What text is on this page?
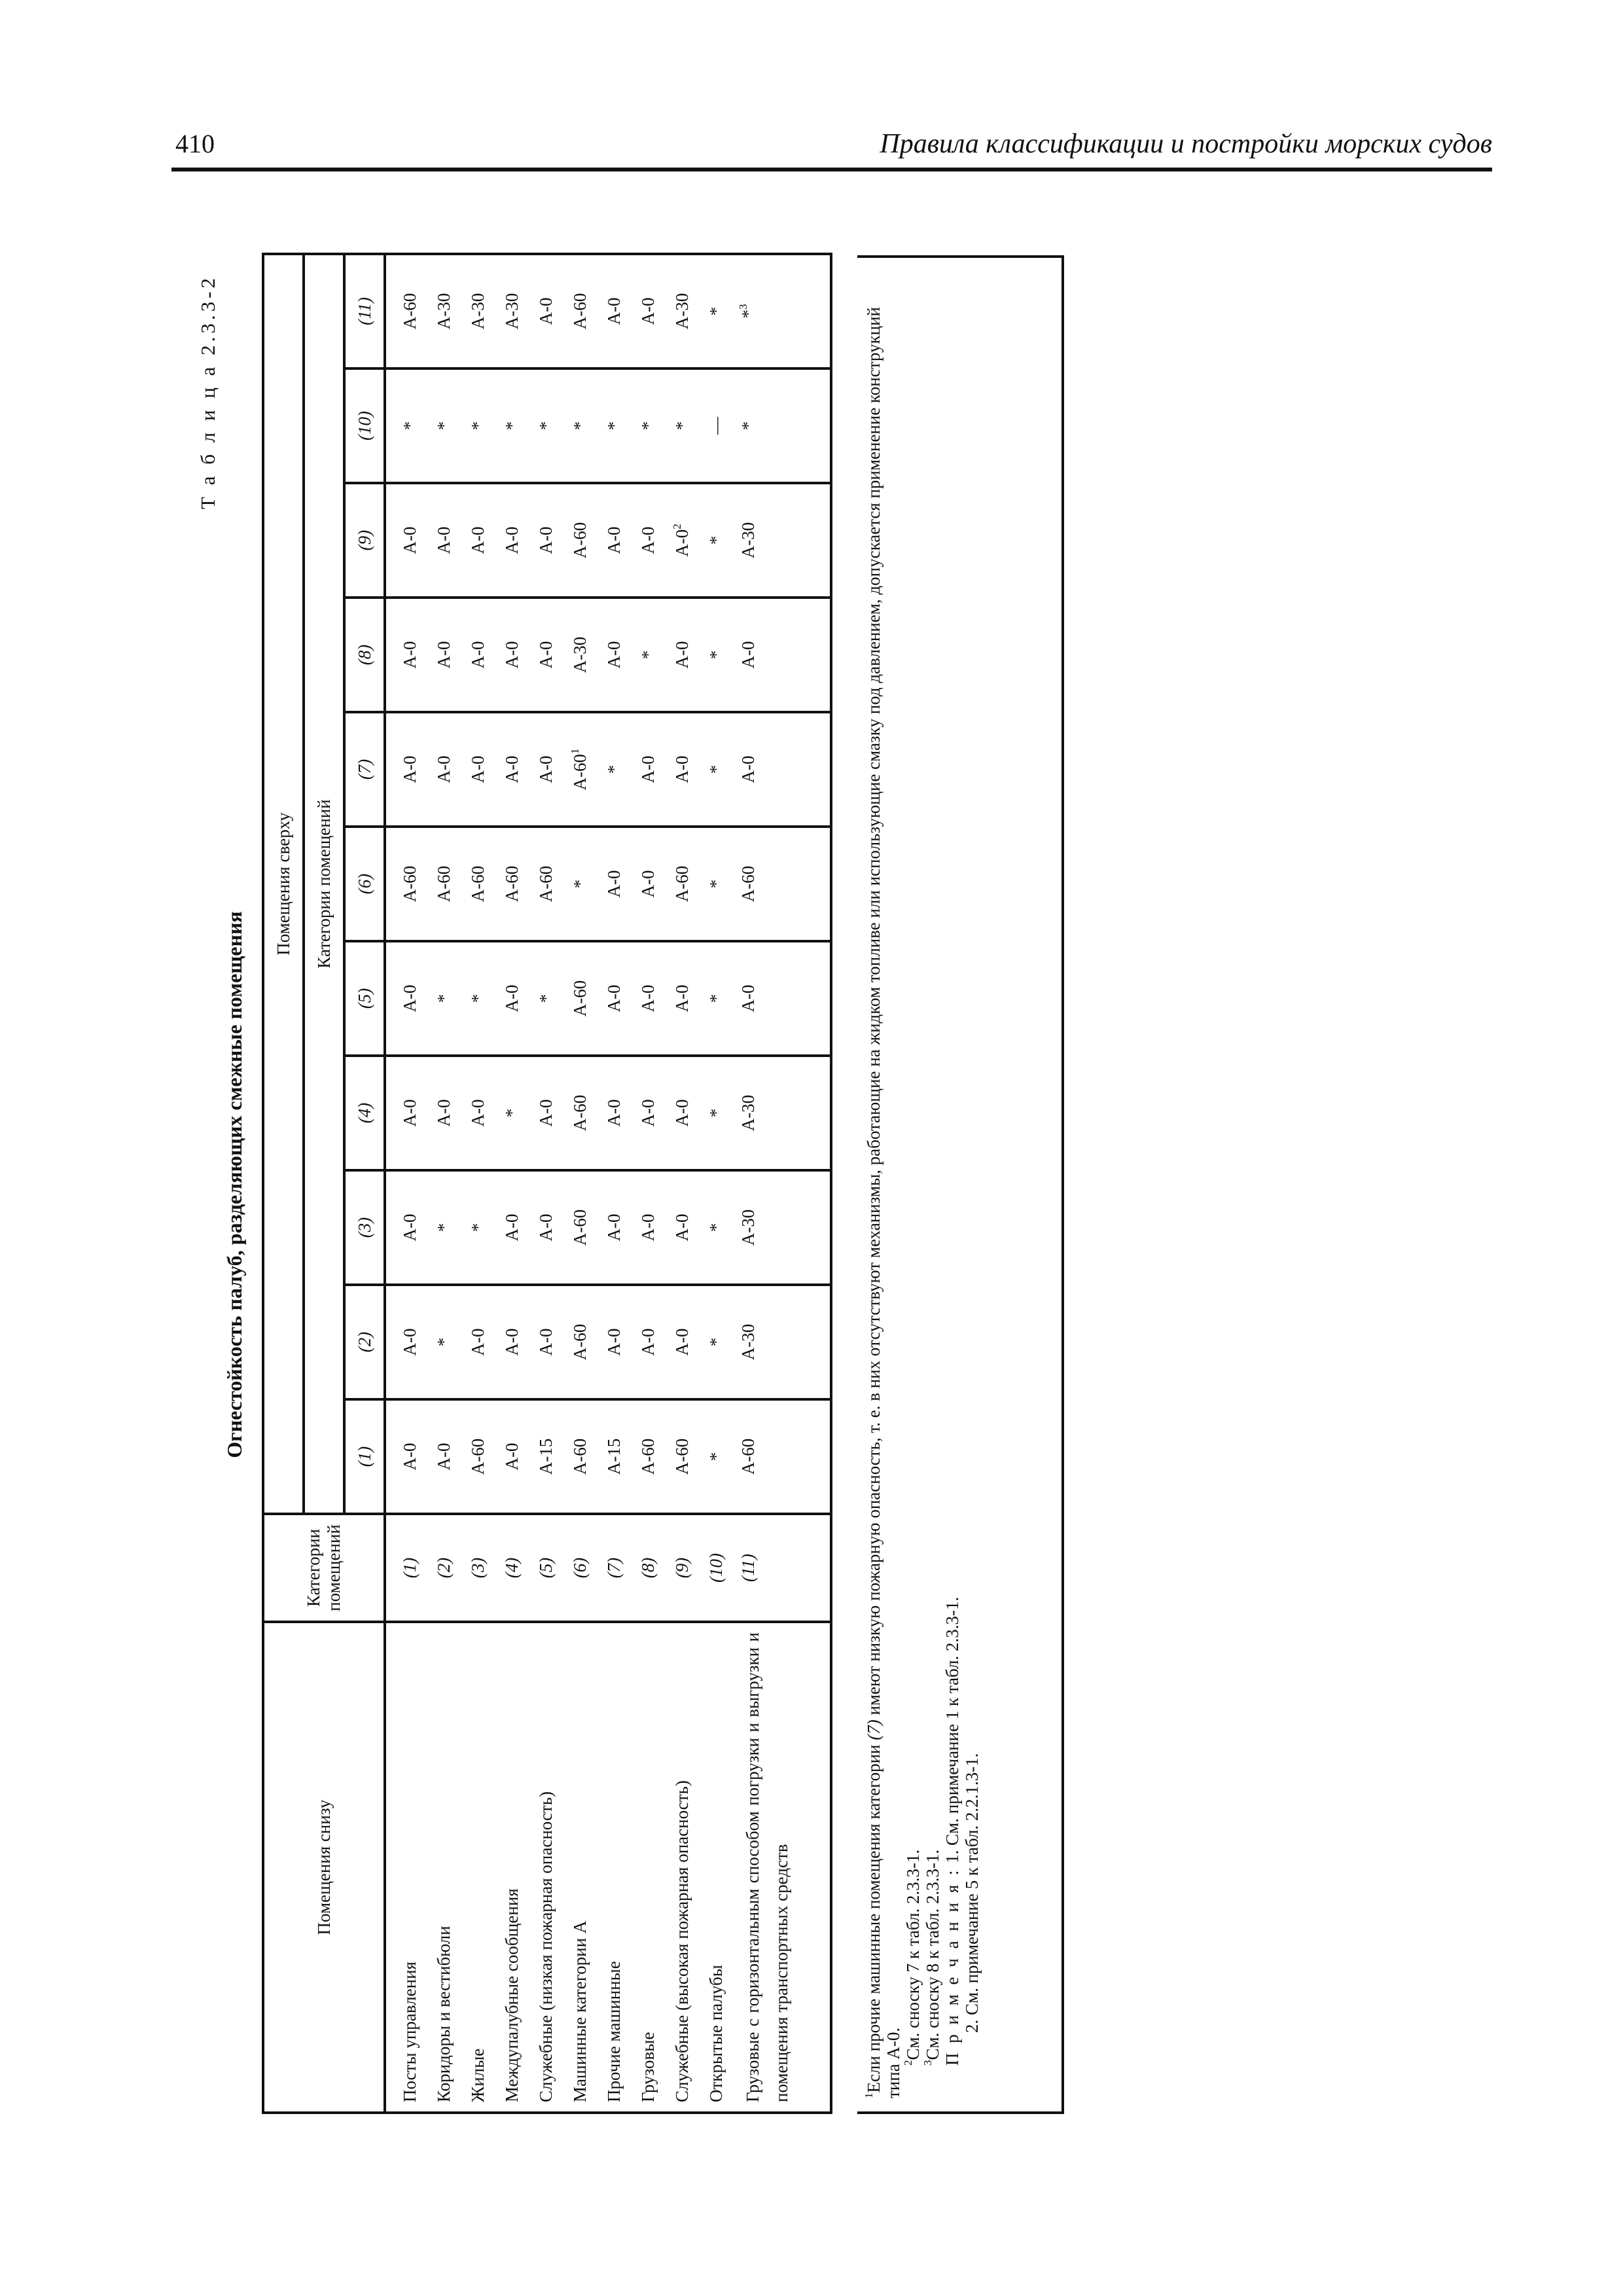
410	Правила классификации и постройки морских судов
Т а б л и ц а 2.3.3-2
Огнестойкость палуб, разделяющих смежные помещения
Помещения снизу	Категории помещений	Помещения сверху										
		Категории помещений										
		(1)	(2)	(3)	(4)	(5)	(6)	(7)	(8)	(9)	(10)	(11)
Посты управления	(1)	A-0	A-0	A-0	A-0	A-0	A-60	A-0	A-0	A-0	*	A-60
Коридоры и вестибюли	(2)	A-0	*	*	A-0	*	A-60	A-0	A-0	A-0	*	A-30
Жилые	(3)	A-60	A-0	*	A-0	*	A-60	A-0	A-0	A-0	*	A-30
Междупалубные сообщения	(4)	A-0	A-0	A-0	*	A-0	A-60	A-0	A-0	A-0	*	A-30
Служебные (низкая пожарная опасность)	(5)	A-15	A-0	A-0	A-0	*	A-60	A-0	A-0	A-0	*	A-0
Машинные категории А	(6)	A-60	A-60	A-60	A-60	A-60	*	$A-60^1$	A-30	A-60	*	A-60
Прочие машинные	(7)	A-15	A-0	A-0	A-0	A-0	A-0	*	A-0	A-0	*	A-0
Грузовые	(8)	A-60	A-0	A-0	A-0	A-0	A-0	A-0	*	A-0	*	A-0
Служебные (высокая пожарная опасность)	(9)	A-60	A-0	A-0	A-0	A-0	A-60	A-0	A-0	$A-0^2$	*	A-30
Открытые палубы	(10)	*	*	*	*	*	*	*	*	*	—	*
Грузовые с горизонтальным способом погрузки и выгрузки и помещения транспортных средств	(11)	A-60	A-30	A-30	A-30	A-0	A-60	A-0	A-0	A-30	*	*$^3$

$^1$Если прочие машинные помещения категории (7) имеют низкую пожарную опасность, т. е. в них отсутствуют механизмы, работающие на жидком топливе или использующие смазку под давлением, допускается применение конструкций типа А-0.

$^2$См. сноску 7 к табл. 2.3.3-1.

$^3$См. сноску 8 к табл. 2.3.3-1. П р и м е ч а н и я : 1. См. примечание 1 к табл. 2.3.3-1.

2. См. примечание 5 к табл. 2.2.1.3-1.
